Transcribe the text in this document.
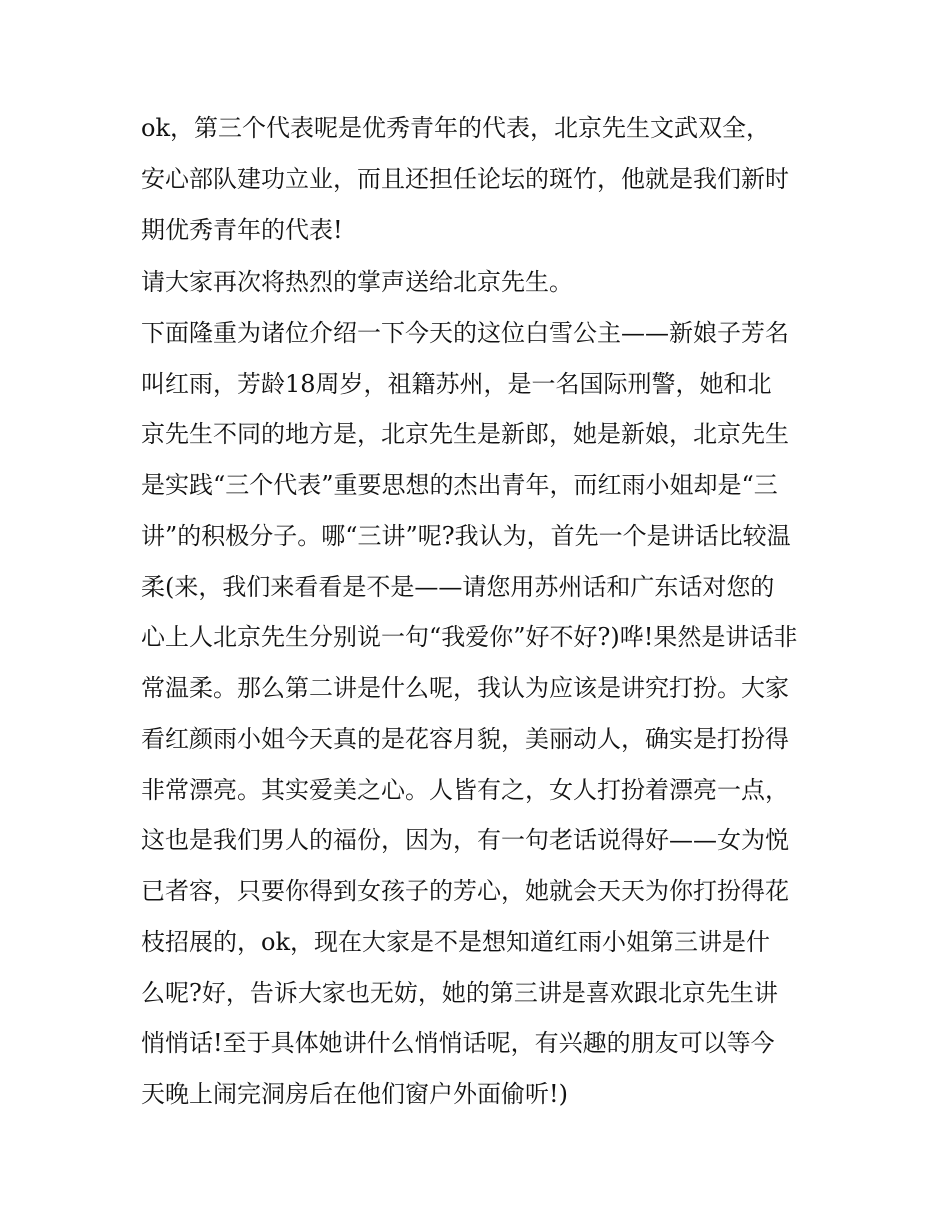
ok，第三个代表呢是优秀青年的代表，北京先生文武双全，

安心部队建功立业，而且还担任论坛的斑竹，他就是我们新时

期优秀青年的代表!

请大家再次将热烈的掌声送给北京先生。

下面隆重为诸位介绍一下今天的这位白雪公主——新娘子芳名

叫红雨，芳龄18周岁，祖籍苏州，是一名国际刑警，她和北

京先生不同的地方是，北京先生是新郎，她是新娘，北京先生

是实践“三个代表”重要思想的杰出青年，而红雨小姐却是“三

讲”的积极分子。哪“三讲”呢?我认为，首先一个是讲话比较温

柔(来，我们来看看是不是——请您用苏州话和广东话对您的

心上人北京先生分别说一句“我爱你”好不好?)哗!果然是讲话非

常温柔。那么第二讲是什么呢，我认为应该是讲究打扮。大家

看红颜雨小姐今天真的是花容月貌，美丽动人，确实是打扮得

非常漂亮。其实爱美之心。人皆有之，女人打扮着漂亮一点，

这也是我们男人的福份，因为，有一句老话说得好——女为悦

已者容，只要你得到女孩子的芳心，她就会天天为你打扮得花

枝招展的，ok，现在大家是不是想知道红雨小姐第三讲是什

么呢?好，告诉大家也无妨，她的第三讲是喜欢跟北京先生讲

悄悄话!至于具体她讲什么悄悄话呢，有兴趣的朋友可以等今

天晚上闹完洞房后在他们窗户外面偷听!)
